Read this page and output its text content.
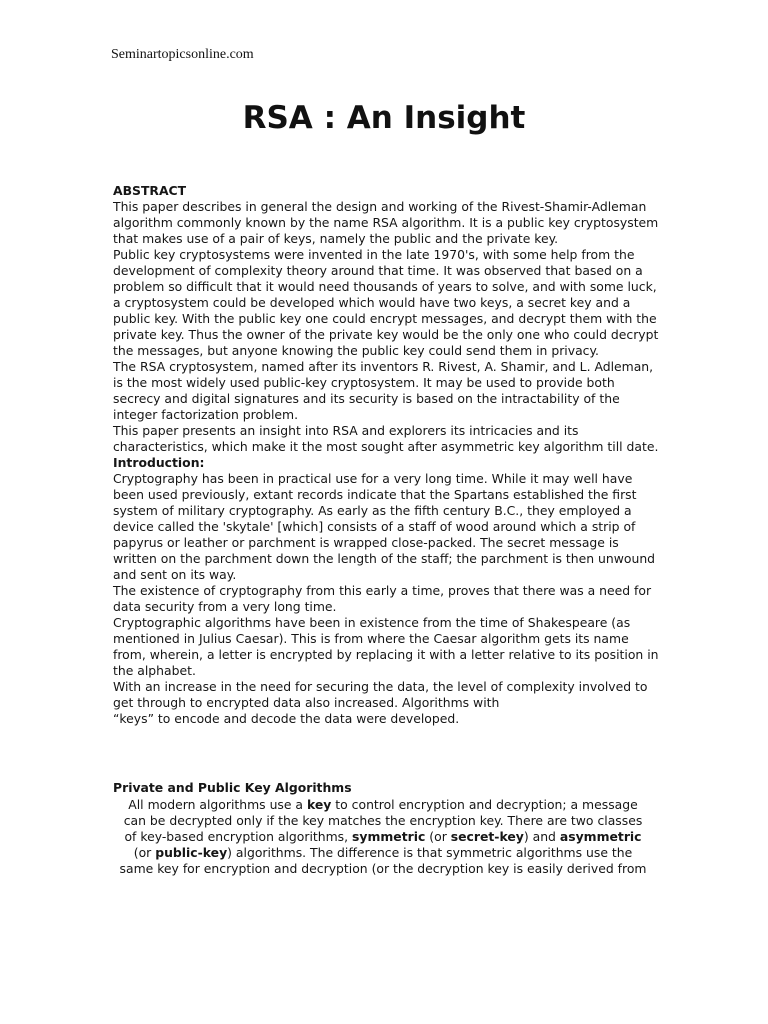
Seminartopicsonline.com
RSA : An Insight
ABSTRACT
This paper describes in general the design and working of the Rivest-Shamir-Adleman algorithm commonly known by the name RSA algorithm. It is a public key cryptosystem that makes use of a pair of keys, namely the public and the private key.
Public key cryptosystems were invented in the late 1970's, with some help from the development of complexity theory around that time. It was observed that based on a problem so difficult that it would need thousands of years to solve, and with some luck, a cryptosystem could be developed which would have two keys, a secret key and a public key. With the public key one could encrypt messages, and decrypt them with the private key. Thus the owner of the private key would be the only one who could decrypt the messages, but anyone knowing the public key could send them in privacy.
The RSA cryptosystem, named after its inventors R. Rivest, A. Shamir, and L. Adleman, is the most widely used public-key cryptosystem. It may be used to provide both secrecy and digital signatures and its security is based on the intractability of the integer factorization problem.
This paper presents an insight into RSA and explorers its intricacies and its characteristics, which make it the most sought after asymmetric key algorithm till date.
Introduction:
Cryptography has been in practical use for a very long time. While it may well have been used previously, extant records indicate that the Spartans established the first system of military cryptography. As early as the fifth century B.C., they employed a device called the 'skytale' [which] consists of a staff of wood around which a strip of papyrus or leather or parchment is wrapped close-packed. The secret message is written on the parchment down the length of the staff; the parchment is then unwound and sent on its way.
The existence of cryptography from this early a time, proves that there was a need for data security from a very long time.
Cryptographic algorithms have been in existence from the time of Shakespeare (as mentioned in Julius Caesar). This is from where the Caesar algorithm gets its name from, wherein, a letter is encrypted by replacing it with a letter relative to its position in the alphabet.
With an increase in the need for securing the data, the level of complexity involved to get through to encrypted data also increased. Algorithms with
“keys” to encode and decode the data were developed.
Private and Public Key Algorithms
All modern algorithms use a key to control encryption and decryption; a message
can be decrypted only if the key matches the encryption key. There are two classes
of key-based encryption algorithms, symmetric (or secret-key) and asymmetric
(or public-key) algorithms. The difference is that symmetric algorithms use the
same key for encryption and decryption (or the decryption key is easily derived from
